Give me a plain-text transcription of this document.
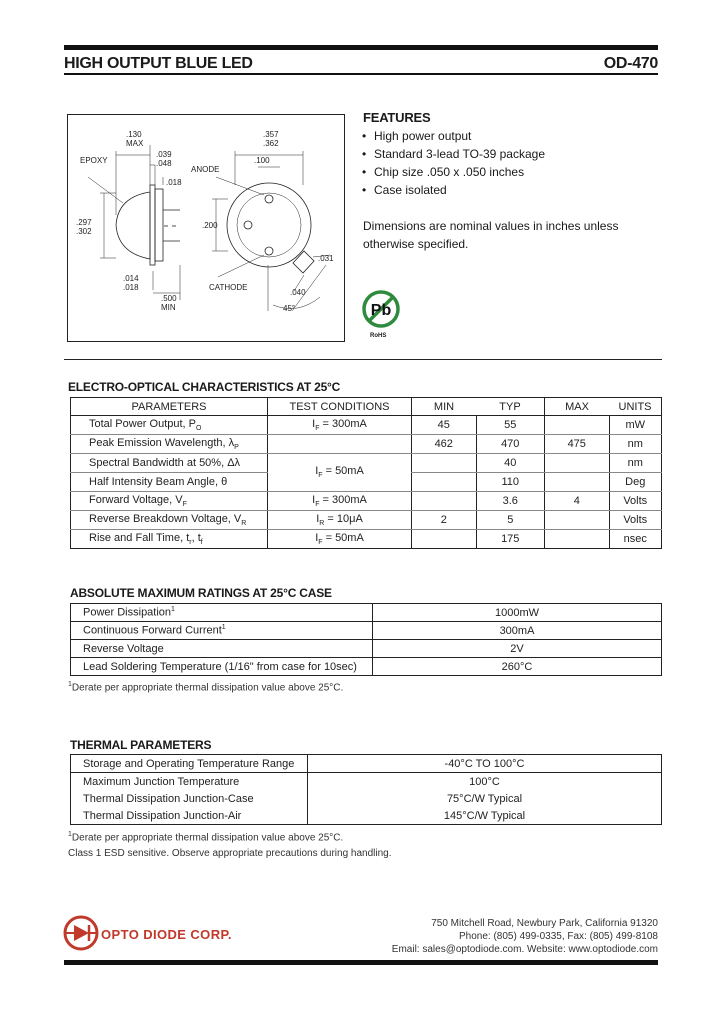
HIGH OUTPUT BLUE LED	OD-470
.130
MAX
.039
.048
EPOXY
.018
.297
.302
.014
.018
.500
MIN
.357
.362
.100
ANODE
.200
.031
.040
CATHODE
45°
FEATURES
• High power output
• Standard 3-lead TO-39 package
• Chip size .050 x .050 inches
• Case isolated
Dimensions are nominal values in inches unless otherwise specified.
Pb
RoHS
ELECTRO-OPTICAL CHARACTERISTICS AT 25°C
PARAMETERS	TEST CONDITIONS	MIN	TYP	MAX	UNITS
Total Power Output, $P_O$	$I_F = 300mA$	45	55		mW
Peak Emission Wavelength, $\lambda_P$		462	470	475	nm
Spectral Bandwidth at 50%, Δλ	$I_F = 50mA$		40		nm
Half Intensity Beam Angle, θ			110		Deg
Forward Voltage, $V_F$	$I_F = 300mA$		3.6	4	Volts
Reverse Breakdown Voltage, $V_R$	$I_R = 10\mu A$	2	5		Volts
Rise and Fall Time, $t_r$, $t_f$	$I_F = 50mA$		175		nsec
ABSOLUTE MAXIMUM RATINGS AT 25°C CASE
Power Dissipation$^1$	1000mW
Continuous Forward Current$^1$	300mA
Reverse Voltage	2V
Lead Soldering Temperature (1/16" from case for 10sec)	260°C
$^1$Derate per appropriate thermal dissipation value above 25°C.
THERMAL PARAMETERS
Storage and Operating Temperature Range	-40°C TO 100°C
Maximum Junction Temperature	100°C
Thermal Dissipation Junction-Case	75°C/W Typical
Thermal Dissipation Junction-Air	145°C/W Typical
$^1$Derate per appropriate thermal dissipation value above 25°C.
Class 1 ESD sensitive. Observe appropriate precautions during handling.
OPTO DIODE CORP.
750 Mitchell Road, Newbury Park, California 91320
Phone: (805) 499-0335, Fax: (805) 499-8108
Email: sales@optodiode.com. Website: www.optodiode.com
